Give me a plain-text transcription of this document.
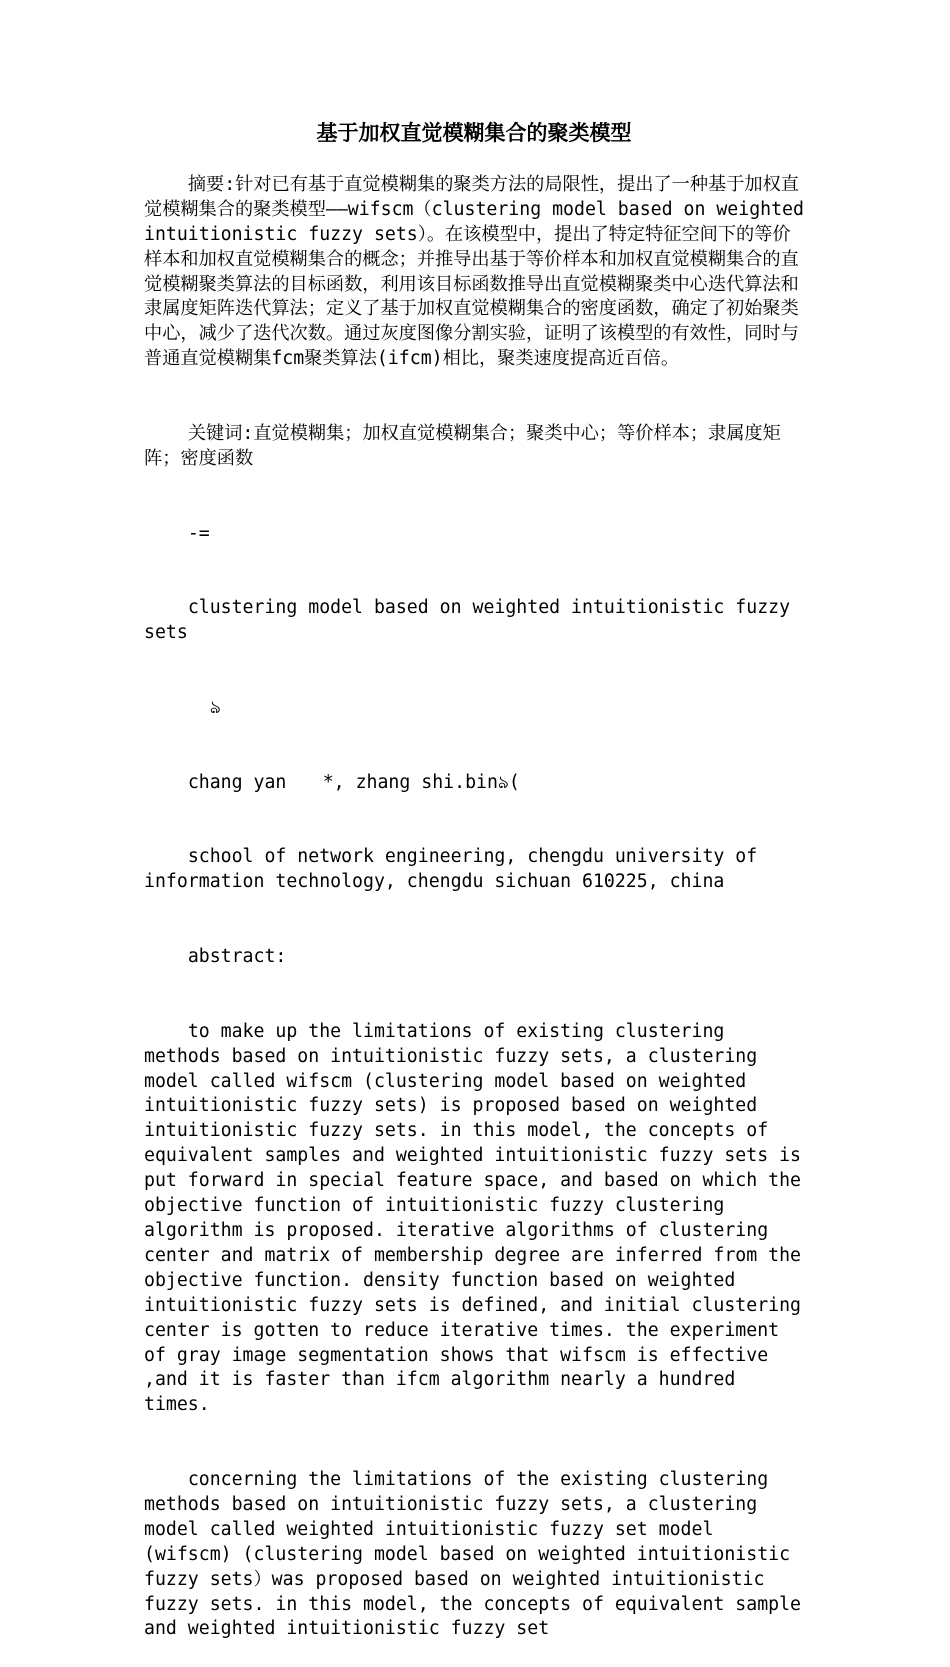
基于加权直觉模糊集合的聚类模型

摘要:针对已有基于直觉模糊集的聚类方法的局限性，提出了一种基于加权直觉模糊集合的聚类模型——wifscm（clustering model based on weighted intuitionistic fuzzy sets）。在该模型中，提出了特定特征空间下的等价样本和加权直觉模糊集合的概念；并推导出基于等价样本和加权直觉模糊集合的直觉模糊聚类算法的目标函数，利用该目标函数推导出直觉模糊聚类中心迭代算法和隶属度矩阵迭代算法；定义了基于加权直觉模糊集合的密度函数，确定了初始聚类中心，减少了迭代次数。通过灰度图像分割实验，证明了该模型的有效性，同时与普通直觉模糊集fcm聚类算法(ifcm)相比，聚类速度提高近百倍。

关键词:直觉模糊集；加权直觉模糊集合；聚类中心；等价样本；隶属度矩阵；密度函数

-=

clustering model based on weighted intuitionistic fuzzy sets

ঌ

chang yan　　*, zhang shi.binঌ(

school of network engineering, chengdu university of information technology, chengdu sichuan 610225, china

abstract:

to make up the limitations of existing clustering methods based on intuitionistic fuzzy sets, a clustering model called wifscm (clustering model based on weighted intuitionistic fuzzy sets) is proposed based on weighted intuitionistic fuzzy sets. in this model, the concepts of equivalent samples and weighted intuitionistic fuzzy sets is put forward in special feature space, and based on which the objective function of intuitionistic fuzzy clustering algorithm is proposed. iterative algorithms of clustering center and matrix of membership degree are inferred from the objective function. density function based on weighted intuitionistic fuzzy sets is defined, and initial clustering center is gotten to reduce iterative times. the experiment of gray image segmentation shows that wifscm is effective ,and it is faster than ifcm algorithm nearly a hundred times.

concerning the limitations of the existing clustering methods based on intuitionistic fuzzy sets, a clustering model called weighted intuitionistic fuzzy set model (wifscm) (clustering model based on weighted intuitionistic fuzzy sets）was proposed based on weighted intuitionistic fuzzy sets. in this model, the concepts of equivalent sample and weighted intuitionistic fuzzy set
